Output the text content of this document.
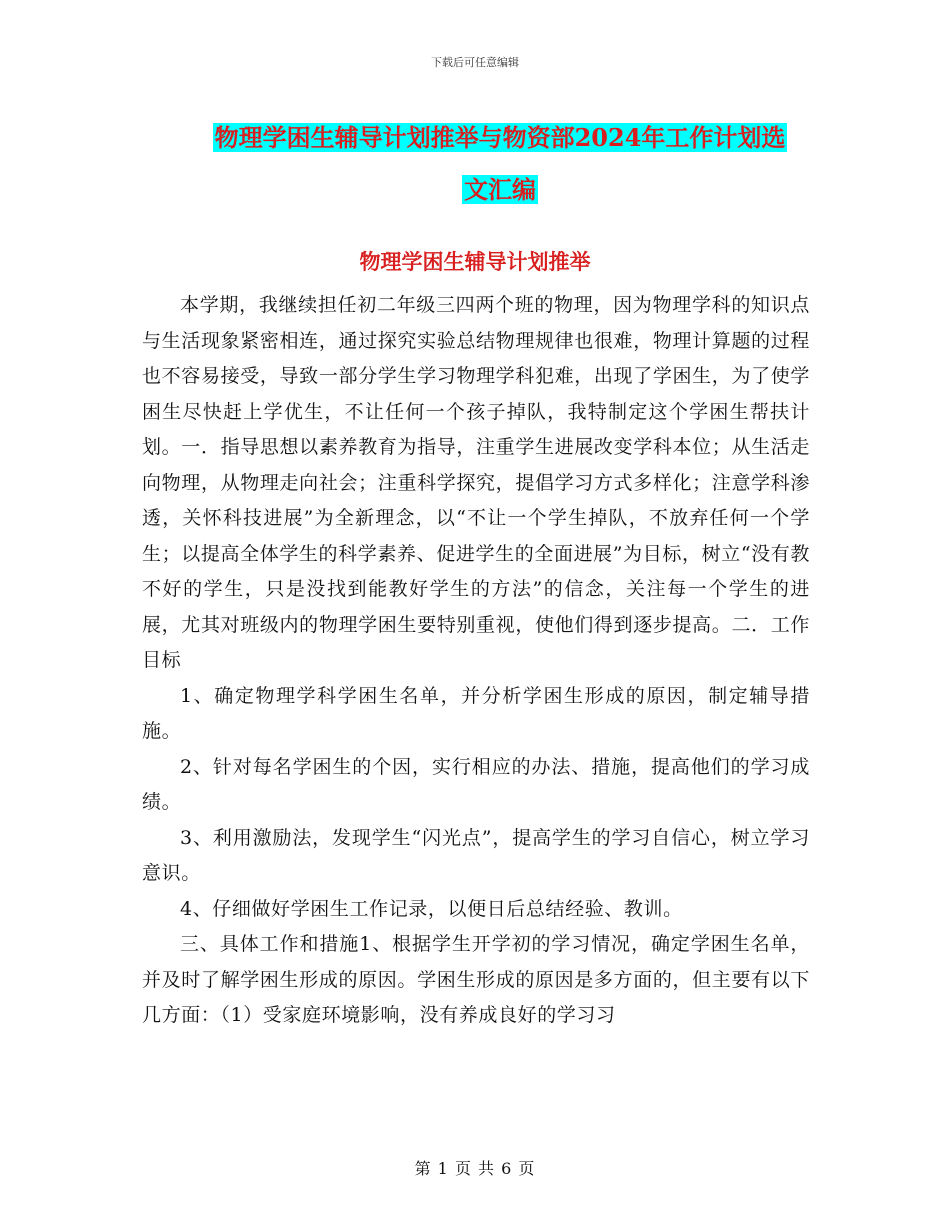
下载后可任意编辑
物理学困生辅导计划推举与物资部2024年工作计划选
文汇编
物理学困生辅导计划推举

本学期，我继续担任初二年级三四两个班的物理，因为物理学科的知识点与生活现象紧密相连，通过探究实验总结物理规律也很难，物理计算题的过程也不容易接受，导致一部分学生学习物理学科犯难，出现了学困生，为了使学困生尽快赶上学优生，不让任何一个孩子掉队，我特制定这个学困生帮扶计划。一．指导思想以素养教育为指导，注重学生进展改变学科本位；从生活走向物理，从物理走向社会；注重科学探究，提倡学习方式多样化；注意学科渗透，关怀科技进展”为全新理念，以“不让一个学生掉队，不放弃任何一个学生；以提高全体学生的科学素养、促进学生的全面进展”为目标，树立“没有教不好的学生，只是没找到能教好学生的方法”的信念，关注每一个学生的进展，尤其对班级内的物理学困生要特别重视，使他们得到逐步提高。二．工作目标

1、确定物理学科学困生名单，并分析学困生形成的原因，制定辅导措施。

2、针对每名学困生的个因，实行相应的办法、措施，提高他们的学习成绩。

3、利用激励法，发现学生“闪光点”，提高学生的学习自信心，树立学习意识。

4、仔细做好学困生工作记录，以便日后总结经验、教训。

三、具体工作和措施1、根据学生开学初的学习情况，确定学困生名单，并及时了解学困生形成的原因。学困生形成的原因是多方面的，但主要有以下几方面：（1）受家庭环境影响，没有养成良好的学习习

第 1 页 共 6 页
